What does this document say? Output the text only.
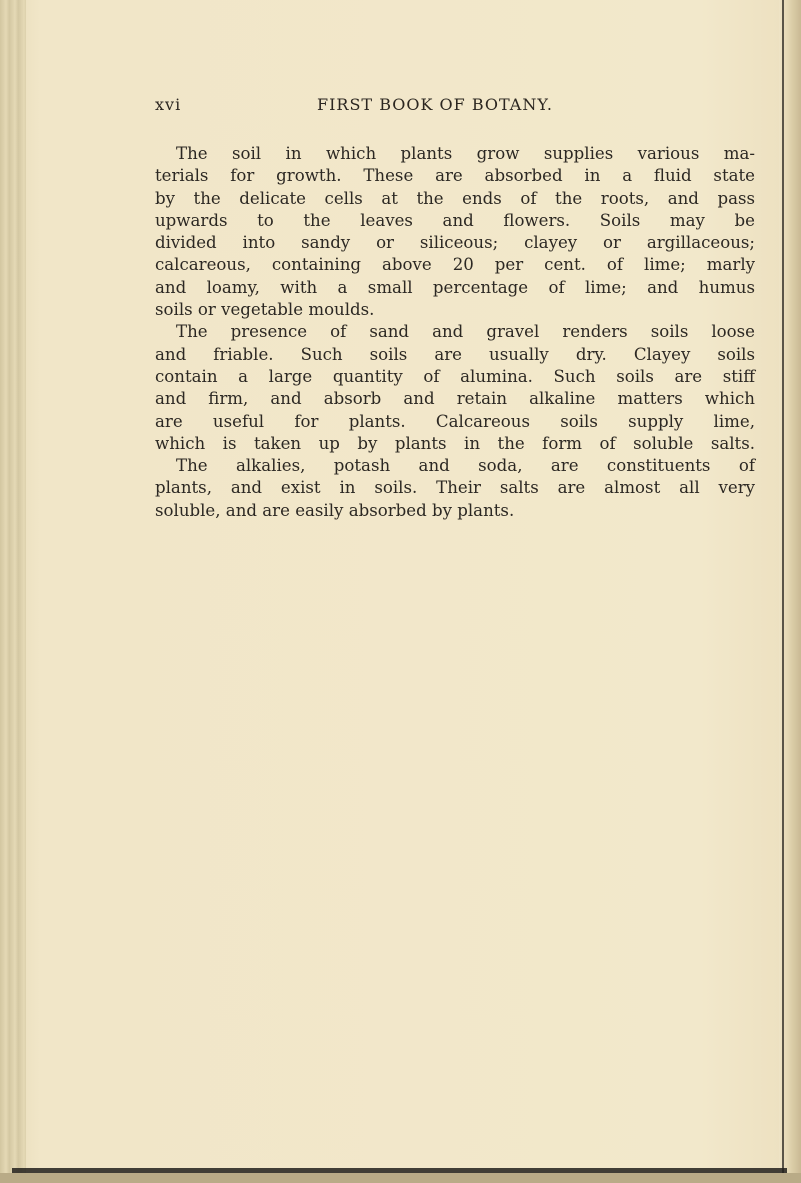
xvi	FIRST BOOK OF BOTANY.
The soil in which plants grow supplies various ma-
terials for growth. These are absorbed in a fluid state
by the delicate cells at the ends of the roots, and pass
upwards to the leaves and flowers. Soils may be
divided into sandy or siliceous; clayey or argillaceous;
calcareous, containing above 20 per cent. of lime; marly
and loamy, with a small percentage of lime; and humus
soils or vegetable moulds.
The presence of sand and gravel renders soils loose
and friable. Such soils are usually dry. Clayey soils
contain a large quantity of alumina. Such soils are stiff
and firm, and absorb and retain alkaline matters which
are useful for plants. Calcareous soils supply lime,
which is taken up by plants in the form of soluble salts.
The alkalies, potash and soda, are constituents of
plants, and exist in soils. Their salts are almost all very
soluble, and are easily absorbed by plants.
